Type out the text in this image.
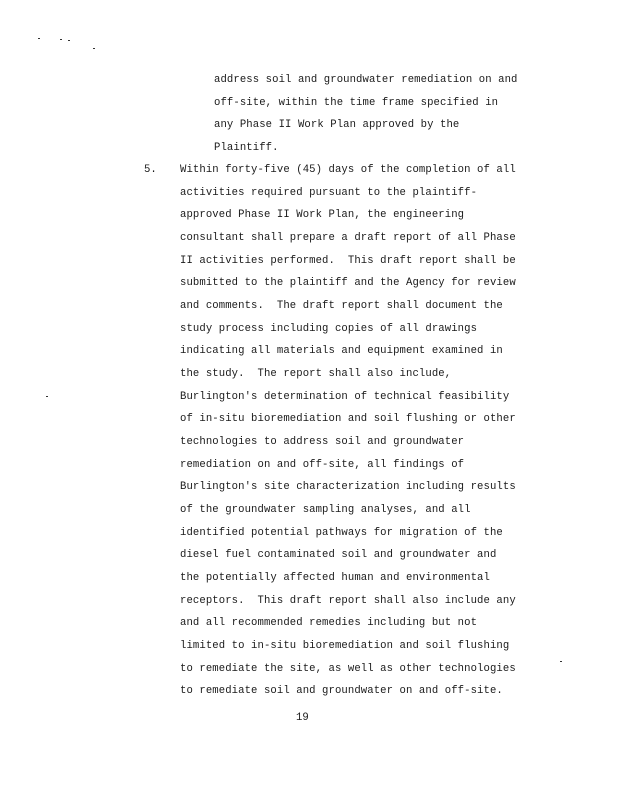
address soil and groundwater remediation on and
off-site, within the time frame specified in
any Phase II Work Plan approved by the
Plaintiff.
5. Within forty-five (45) days of the completion of all
activities required pursuant to the plaintiff-
approved Phase II Work Plan, the engineering
consultant shall prepare a draft report of all Phase
II activities performed.  This draft report shall be
submitted to the plaintiff and the Agency for review
and comments.  The draft report shall document the
study process including copies of all drawings
indicating all materials and equipment examined in
the study.  The report shall also include,
Burlington's determination of technical feasibility
of in-situ bioremediation and soil flushing or other
technologies to address soil and groundwater
remediation on and off-site, all findings of
Burlington's site characterization including results
of the groundwater sampling analyses, and all
identified potential pathways for migration of the
diesel fuel contaminated soil and groundwater and
the potentially affected human and environmental
receptors.  This draft report shall also include any
and all recommended remedies including but not
limited to in-situ bioremediation and soil flushing
to remediate the site, as well as other technologies
to remediate soil and groundwater on and off-site.
19
